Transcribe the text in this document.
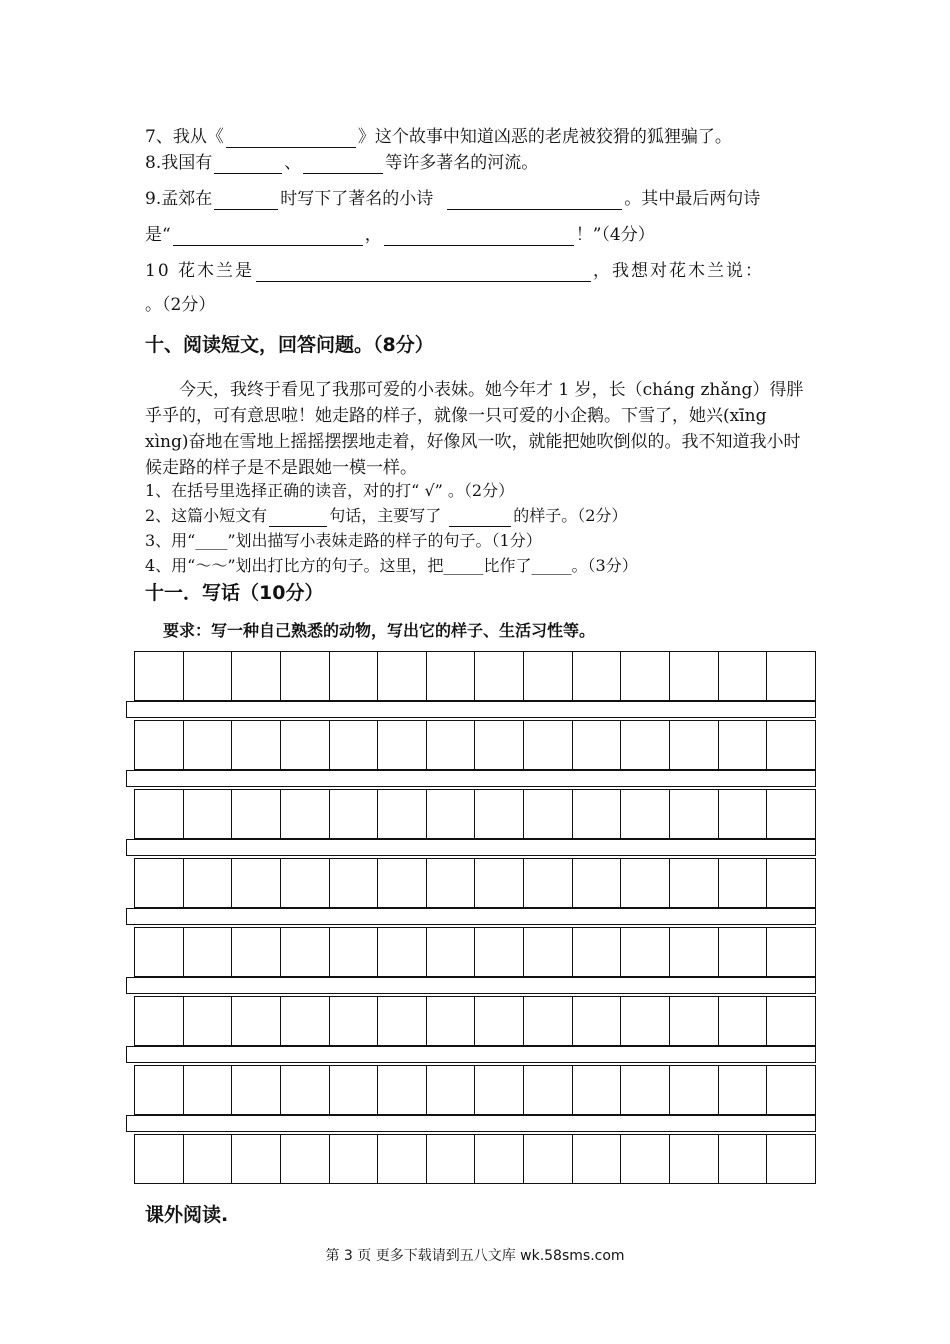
7、我从《	》这个故事中知道凶恶的老虎被狡猾的狐狸骗了。
8.我国有	、	等许多著名的河流。
9.孟郊在	时写下了著名的小诗	。其中最后两句诗
是“	，	！”（4分）
10 花木兰是	，我想对花木兰说：
。（2分）
十、阅读短文，回答问题。（8分）
今天，我终于看见了我那可爱的小表妹。她今年才 1 岁，长（cháng zhǎng）得胖乎乎的，可有意思啦！她走路的样子，就像一只可爱的小企鹅。下雪了，她兴(xīng xìng)奋地在雪地上摇摇摆摆地走着，好像风一吹，就能把她吹倒似的。我不知道我小时候走路的样子是不是跟她一模一样。
1、在括号里选择正确的读音，对的打“ √” 。（2分）
2、这篇小短文有	句话，主要写了	的样子。（2分）
3、用“____”划出描写小表妹走路的样子的句子。（1分）
4、用“～～”划出打比方的句子。这里，把_____比作了_____。（3分）
十一．写话（10分）
要求：写一种自己熟悉的动物，写出它的样子、生活习性等。
课外阅读.
第 3 页 更多下载请到五八文库 wk.58sms.com
